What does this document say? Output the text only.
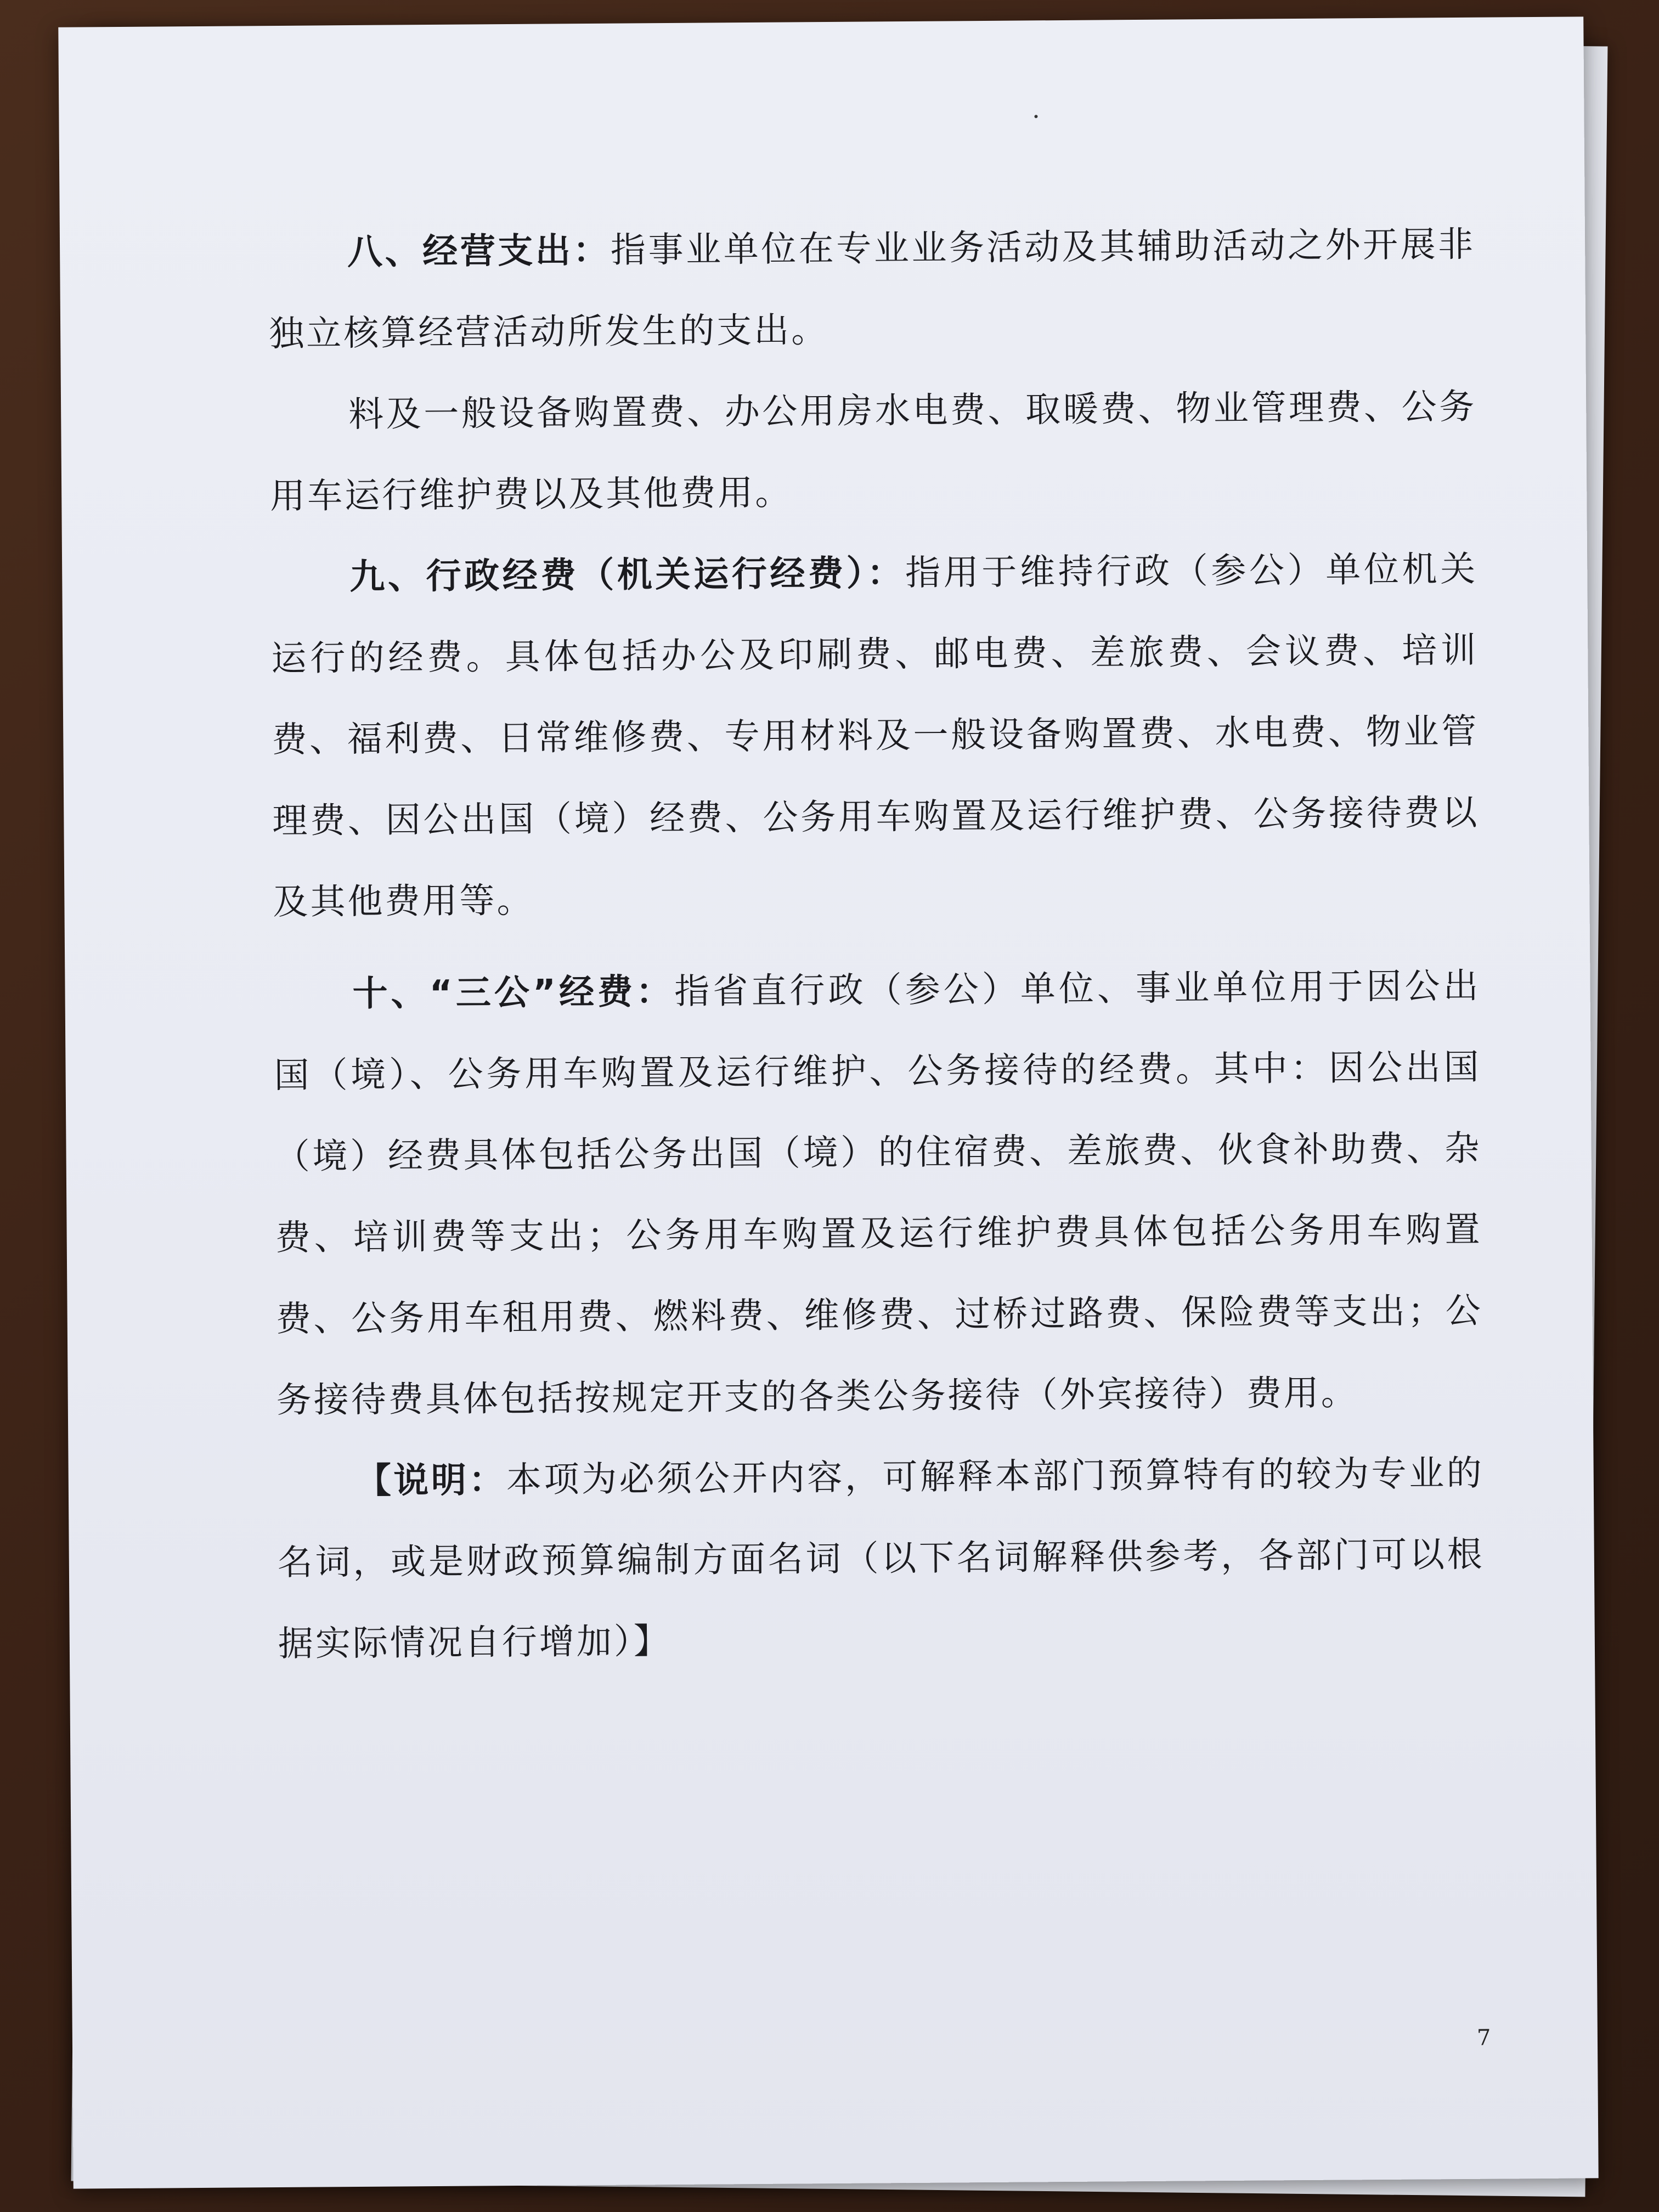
八、经营支出：指事业单位在专业业务活动及其辅助活动之外开展非独立核算经营活动所发生的支出。

料及一般设备购置费、办公用房水电费、取暖费、物业管理费、公务用车运行维护费以及其他费用。

九、行政经费（机关运行经费）：指用于维持行政（参公）单位机关运行的经费。具体包括办公及印刷费、邮电费、差旅费、会议费、培训费、福利费、日常维修费、专用材料及一般设备购置费、水电费、物业管理费、因公出国（境）经费、公务用车购置及运行维护费、公务接待费以及其他费用等。

十、“三公”经费：指省直行政（参公）单位、事业单位用于因公出国（境）、公务用车购置及运行维护、公务接待的经费。其中：因公出国（境）经费具体包括公务出国（境）的住宿费、差旅费、伙食补助费、杂费、培训费等支出；公务用车购置及运行维护费具体包括公务用车购置费、公务用车租用费、燃料费、维修费、过桥过路费、保险费等支出；公务接待费具体包括按规定开支的各类公务接待（外宾接待）费用。

【说明：本项为必须公开内容，可解释本部门预算特有的较为专业的名词，或是财政预算编制方面名词（以下名词解释供参考，各部门可以根据实际情况自行增加）】

7
